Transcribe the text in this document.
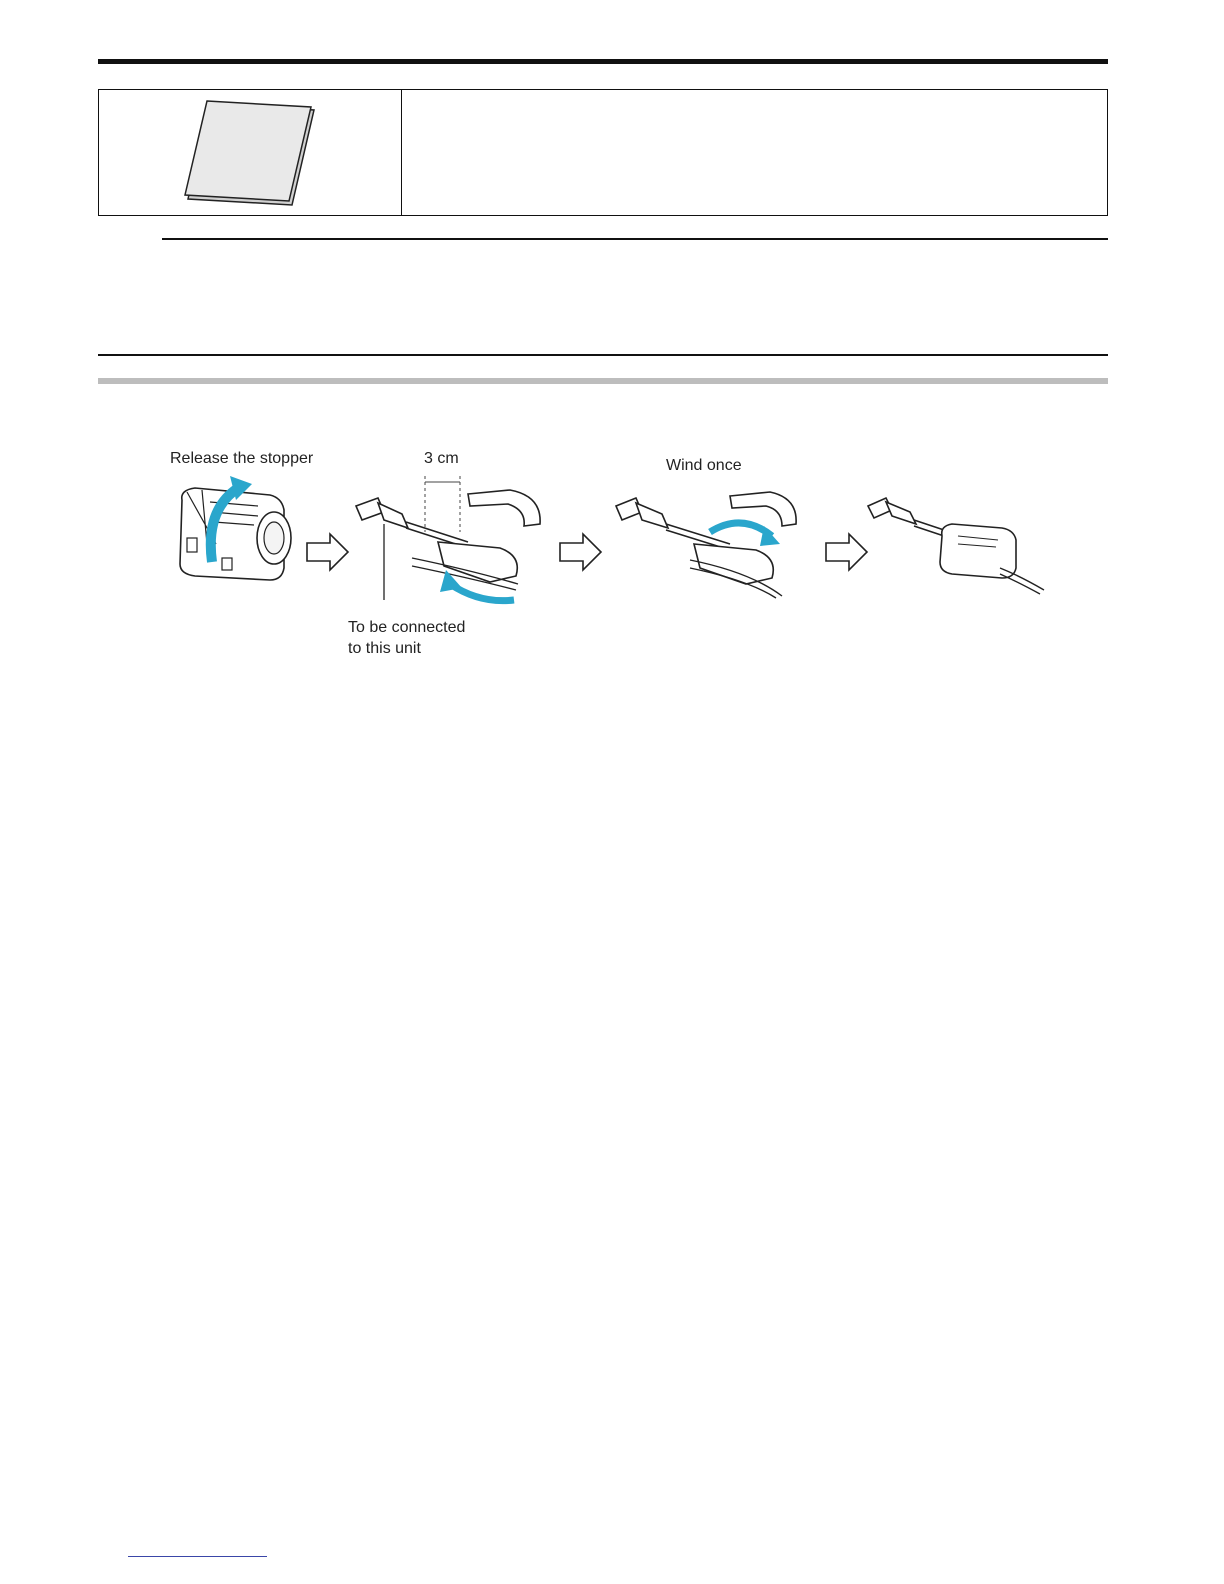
Release the stopper	3 cm	Wind once
To be connected
to this unit
